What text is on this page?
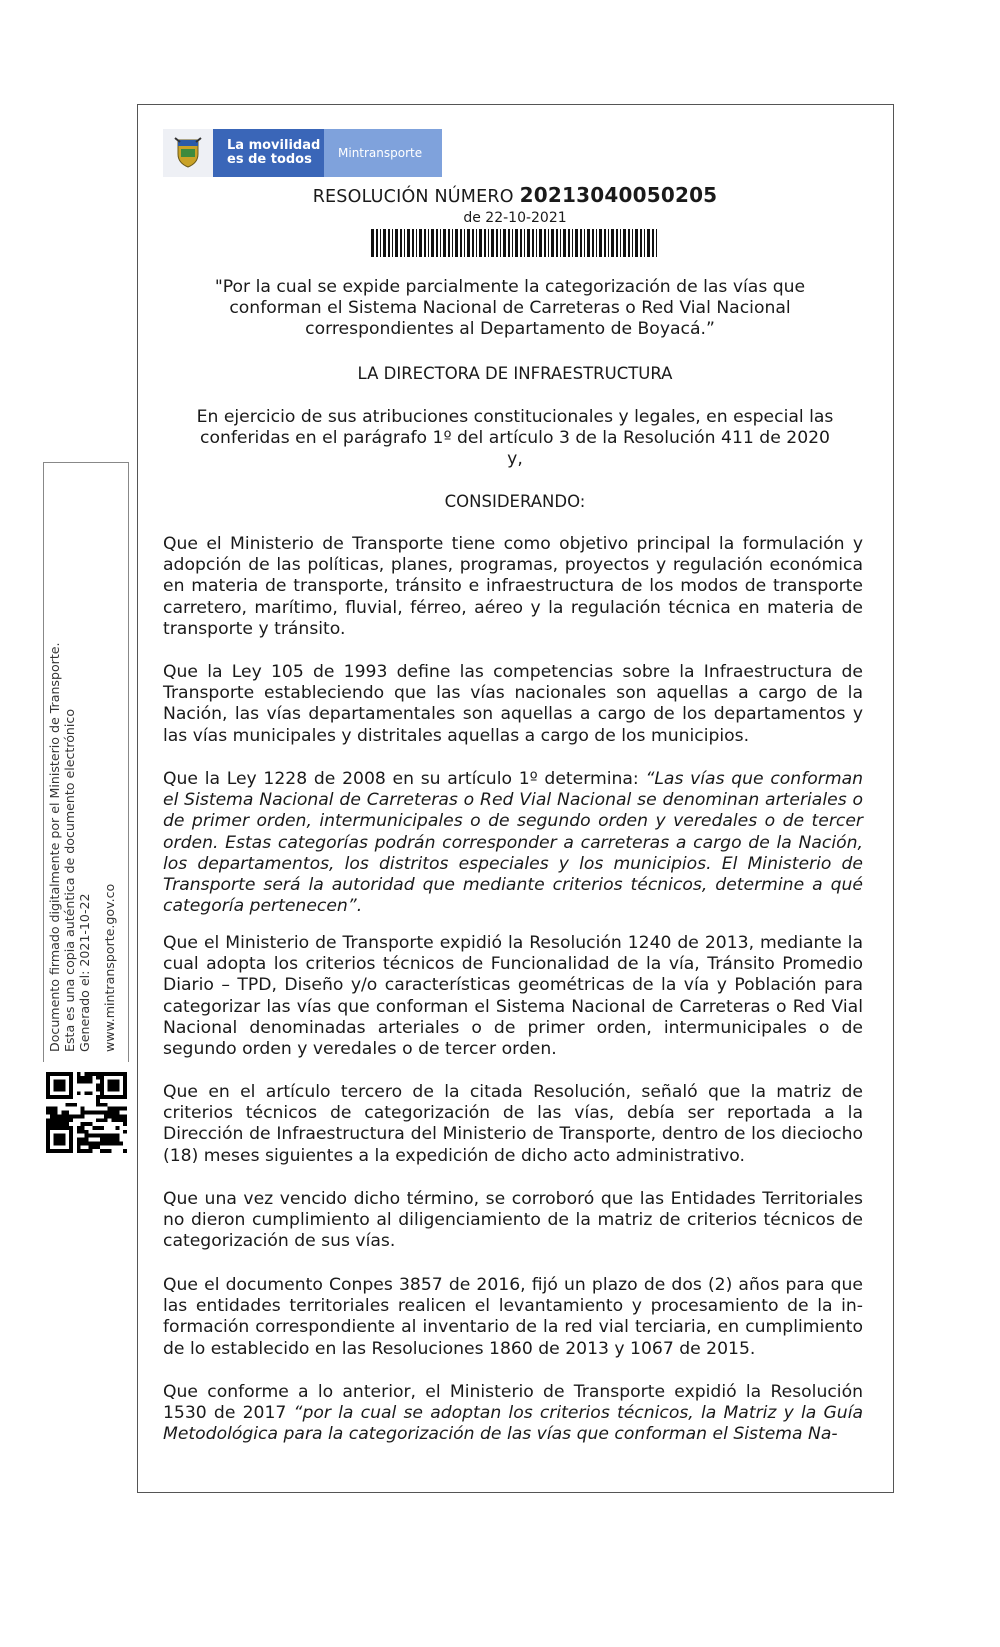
La movilidad
es de todos	Mintransporte
RESOLUCIÓN NÚMERO 20213040050205
de 22-10-2021
"Por la cual se expide parcialmente la categorización de las vías que conforman el Sistema Nacional de Carreteras o Red Vial Nacional correspondientes al Departamento de Boyacá.”
LA DIRECTORA DE INFRAESTRUCTURA
En ejercicio de sus atribuciones constitucionales y legales, en especial las conferidas en el parágrafo 1º del artículo 3 de la Resolución 411 de 2020 y,
CONSIDERANDO:
Que el Ministerio de Transporte tiene como objetivo principal la formulación y adopción de las políticas, planes, programas, proyectos y regulación económica en materia de transporte, tránsito e infraestructura de los modos de transporte carretero, marítimo, fluvial, férreo, aéreo y la regulación técnica en materia de transporte y tránsito.
Que la Ley 105 de 1993 define las competencias sobre la Infraestructura de Transporte estableciendo que las vías nacionales son aquellas a cargo de la Nación, las vías departamentales son aquellas a cargo de los departamentos y las vías municipales y distritales aquellas a cargo de los municipios.
Que la Ley 1228 de 2008 en su artículo 1º determina: “Las vías que conforman el Sistema Nacional de Carreteras o Red Vial Nacional se denominan arteriales o de primer orden, intermunicipales o de segundo orden y veredales o de tercer orden. Estas categorías podrán corresponder a carreteras a cargo de la Nación, los departamentos, los distritos especiales y los municipios. El Ministerio de Transporte será la autoridad que mediante criterios técnicos, determine a qué categoría pertenecen”.
Que el Ministerio de Transporte expidió la Resolución 1240 de 2013, mediante la cual adopta los criterios técnicos de Funcionalidad de la vía, Tránsito Promedio Diario – TPD, Diseño y/o características geométricas de la vía y Población para categorizar las vías que conforman el Sistema Nacional de Carreteras o Red Vial Nacional denominadas arteriales o de primer orden, intermunicipales o de segundo orden y veredales o de tercer orden.
Que en el artículo tercero de la citada Resolución, señaló que la matriz de criterios técnicos de categorización de las vías, debía ser reportada a la Dirección de Infraestructura del Ministerio de Transporte, dentro de los dieciocho (18) meses siguientes a la expedición de dicho acto administrativo.
Que una vez vencido dicho término, se corroboró que las Entidades Territoriales no dieron cumplimiento al diligenciamiento de la matriz de criterios técnicos de categorización de sus vías.
Que el documento Conpes 3857 de 2016, fijó un plazo de dos (2) años para que las entidades territoriales realicen el levantamiento y procesamiento de la información correspondiente al inventario de la red vial terciaria, en cumplimiento de lo establecido en las Resoluciones 1860 de 2013 y 1067 de 2015.
Que conforme a lo anterior, el Ministerio de Transporte expidió la Resolución 1530 de 2017 “por la cual se adoptan los criterios técnicos, la Matriz y la Guía Metodológica para la categorización de las vías que conforman el Sistema Na-
Documento firmado digitalmente por el Ministerio de Transporte. Esta es una copia auténtica de documento electrónico Generado el: 2021-10-22 www.mintransporte.gov.co
